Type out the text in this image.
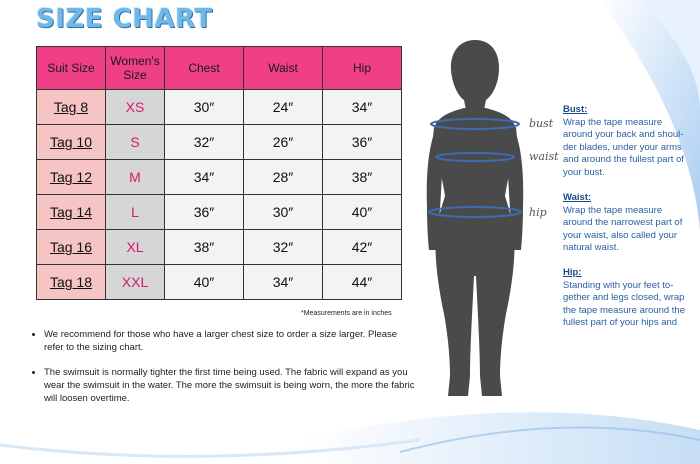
SIZE CHART
Suit Size	Women's Size	Chest	Waist	Hip
Tag 8	XS	30″	24″	34″
Tag 10	S	32″	26″	36″
Tag 12	M	34″	28″	38″
Tag 14	L	36″	30″	40″
Tag 16	XL	38″	32″	42″
Tag 18	XXL	40″	34″	44″
*Measurements are in inches
• We recommend for those who have a larger chest size to order a size larger. Please refer to the sizing chart.
• The swimsuit is normally tighter the first time being used. The fabric will expand as you wear the swimsuit in the water. The more the swimsuit is being worn, the more the fabric will loosen overtime.
bust
waist
hip
Bust:
Wrap the tape measure around your back and shoul-der blades, under your arms and around the fullest part of your bust.
Waist:
Wrap the tape measure around the narrowest part of your waist, also called your natural waist.
Hip:
Standing with your feet to-gether and legs closed, wrap the tape measure around the fullest part of your hips and
